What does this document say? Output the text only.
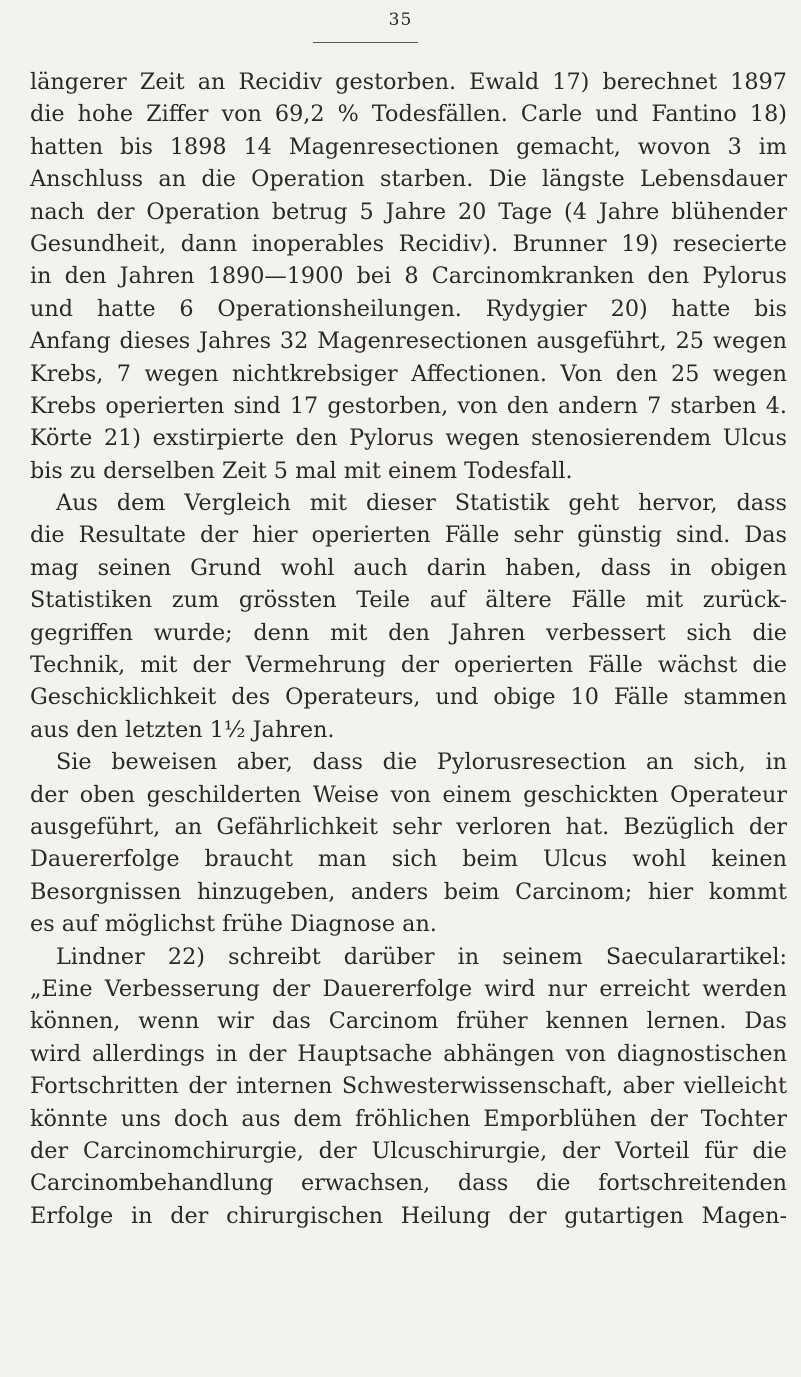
35
längerer Zeit an Recidiv gestorben. Ewald 17) berechnet 1897
die hohe Ziffer von 69,2 % Todesfällen. Carle und Fantino 18)
hatten bis 1898 14 Magenresectionen gemacht, wovon 3 im
Anschluss an die Operation starben. Die längste Lebensdauer
nach der Operation betrug 5 Jahre 20 Tage (4 Jahre blühender
Gesundheit, dann inoperables Recidiv). Brunner 19) resecierte
in den Jahren 1890—1900 bei 8 Carcinomkranken den Pylorus
und hatte 6 Operationsheilungen. Rydygier 20) hatte bis
Anfang dieses Jahres 32 Magenresectionen ausgeführt, 25 wegen
Krebs, 7 wegen nichtkrebsiger Affectionen. Von den 25 wegen
Krebs operierten sind 17 gestorben, von den andern 7 starben 4.
Körte 21) exstirpierte den Pylorus wegen stenosierendem Ulcus
bis zu derselben Zeit 5 mal mit einem Todesfall.
Aus dem Vergleich mit dieser Statistik geht hervor, dass
die Resultate der hier operierten Fälle sehr günstig sind. Das
mag seinen Grund wohl auch darin haben, dass in obigen
Statistiken zum grössten Teile auf ältere Fälle mit zurück-
gegriffen wurde; denn mit den Jahren verbessert sich die
Technik, mit der Vermehrung der operierten Fälle wächst die
Geschicklichkeit des Operateurs, und obige 10 Fälle stammen
aus den letzten 1½ Jahren.
Sie beweisen aber, dass die Pylorusresection an sich, in
der oben geschilderten Weise von einem geschickten Operateur
ausgeführt, an Gefährlichkeit sehr verloren hat. Bezüglich der
Dauererfolge braucht man sich beim Ulcus wohl keinen
Besorgnissen hinzugeben, anders beim Carcinom; hier kommt
es auf möglichst frühe Diagnose an.
Lindner 22) schreibt darüber in seinem Saecularartikel:
„Eine Verbesserung der Dauererfolge wird nur erreicht werden
können, wenn wir das Carcinom früher kennen lernen. Das
wird allerdings in der Hauptsache abhängen von diagnostischen
Fortschritten der internen Schwesterwissenschaft, aber vielleicht
könnte uns doch aus dem fröhlichen Emporblühen der Tochter
der Carcinomchirurgie, der Ulcuschirurgie, der Vorteil für die
Carcinombehandlung erwachsen, dass die fortschreitenden
Erfolge in der chirurgischen Heilung der gutartigen Magen-
